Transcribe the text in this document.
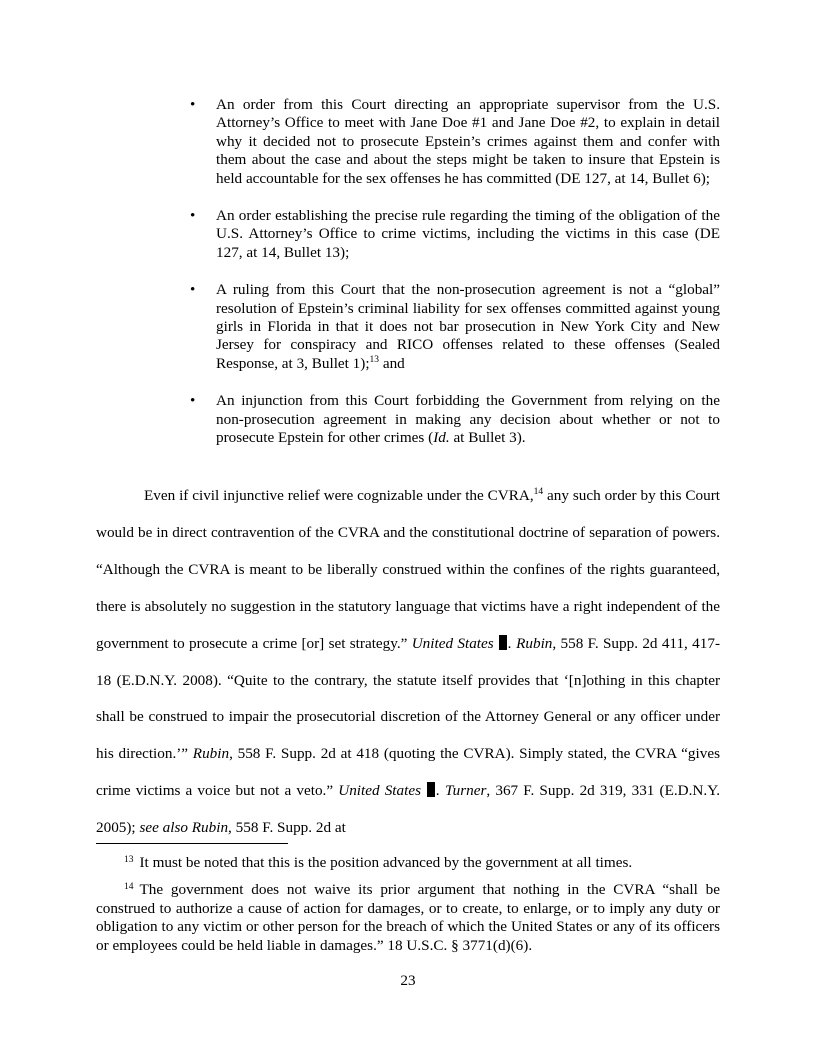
•	An order from this Court directing an appropriate supervisor from the U.S. Attorney’s Office to meet with Jane Doe #1 and Jane Doe #2, to explain in detail why it decided not to prosecute Epstein’s crimes against them and confer with them about the case and about the steps might be taken to insure that Epstein is held accountable for the sex offenses he has committed (DE 127, at 14, Bullet 6);
•	An order establishing the precise rule regarding the timing of the obligation of the U.S. Attorney’s Office to crime victims, including the victims in this case (DE 127, at 14, Bullet 13);
•	A ruling from this Court that the non-prosecution agreement is not a “global” resolution of Epstein’s criminal liability for sex offenses committed against young girls in Florida in that it does not bar prosecution in New York City and New Jersey for conspiracy and RICO offenses related to these offenses (Sealed Response, at 3, Bullet 1);$^{13}$ and
•	An injunction from this Court forbidding the Government from relying on the non-prosecution agreement in making any decision about whether or not to prosecute Epstein for other crimes (Id. at Bullet 3).

Even if civil injunctive relief were cognizable under the CVRA,$^{14}$ any such order by this Court would be in direct contravention of the CVRA and the constitutional doctrine of separation of powers. “Although the CVRA is meant to be liberally construed within the confines of the rights guaranteed, there is absolutely no suggestion in the statutory language that victims have a right independent of the government to prosecute a crime [or] set strategy.” United States . Rubin, 558 F. Supp. 2d 411, 417-18 (E.D.N.Y. 2008). “Quite to the contrary, the statute itself provides that ‘[n]othing in this chapter shall be construed to impair the prosecutorial discretion of the Attorney General or any officer under his direction.’” Rubin, 558 F. Supp. 2d at 418 (quoting the CVRA). Simply stated, the CVRA “gives crime victims a voice but not a veto.” United States . Turner, 367 F. Supp. 2d 319, 331 (E.D.N.Y. 2005); see also Rubin, 558 F. Supp. 2d at

$^{13}$ It must be noted that this is the position advanced by the government at all times.

$^{14}$ The government does not waive its prior argument that nothing in the CVRA “shall be construed to authorize a cause of action for damages, or to create, to enlarge, or to imply any duty or obligation to any victim or other person for the breach of which the United States or any of its officers or employees could be held liable in damages.” 18 U.S.C. § 3771(d)(6).

23
